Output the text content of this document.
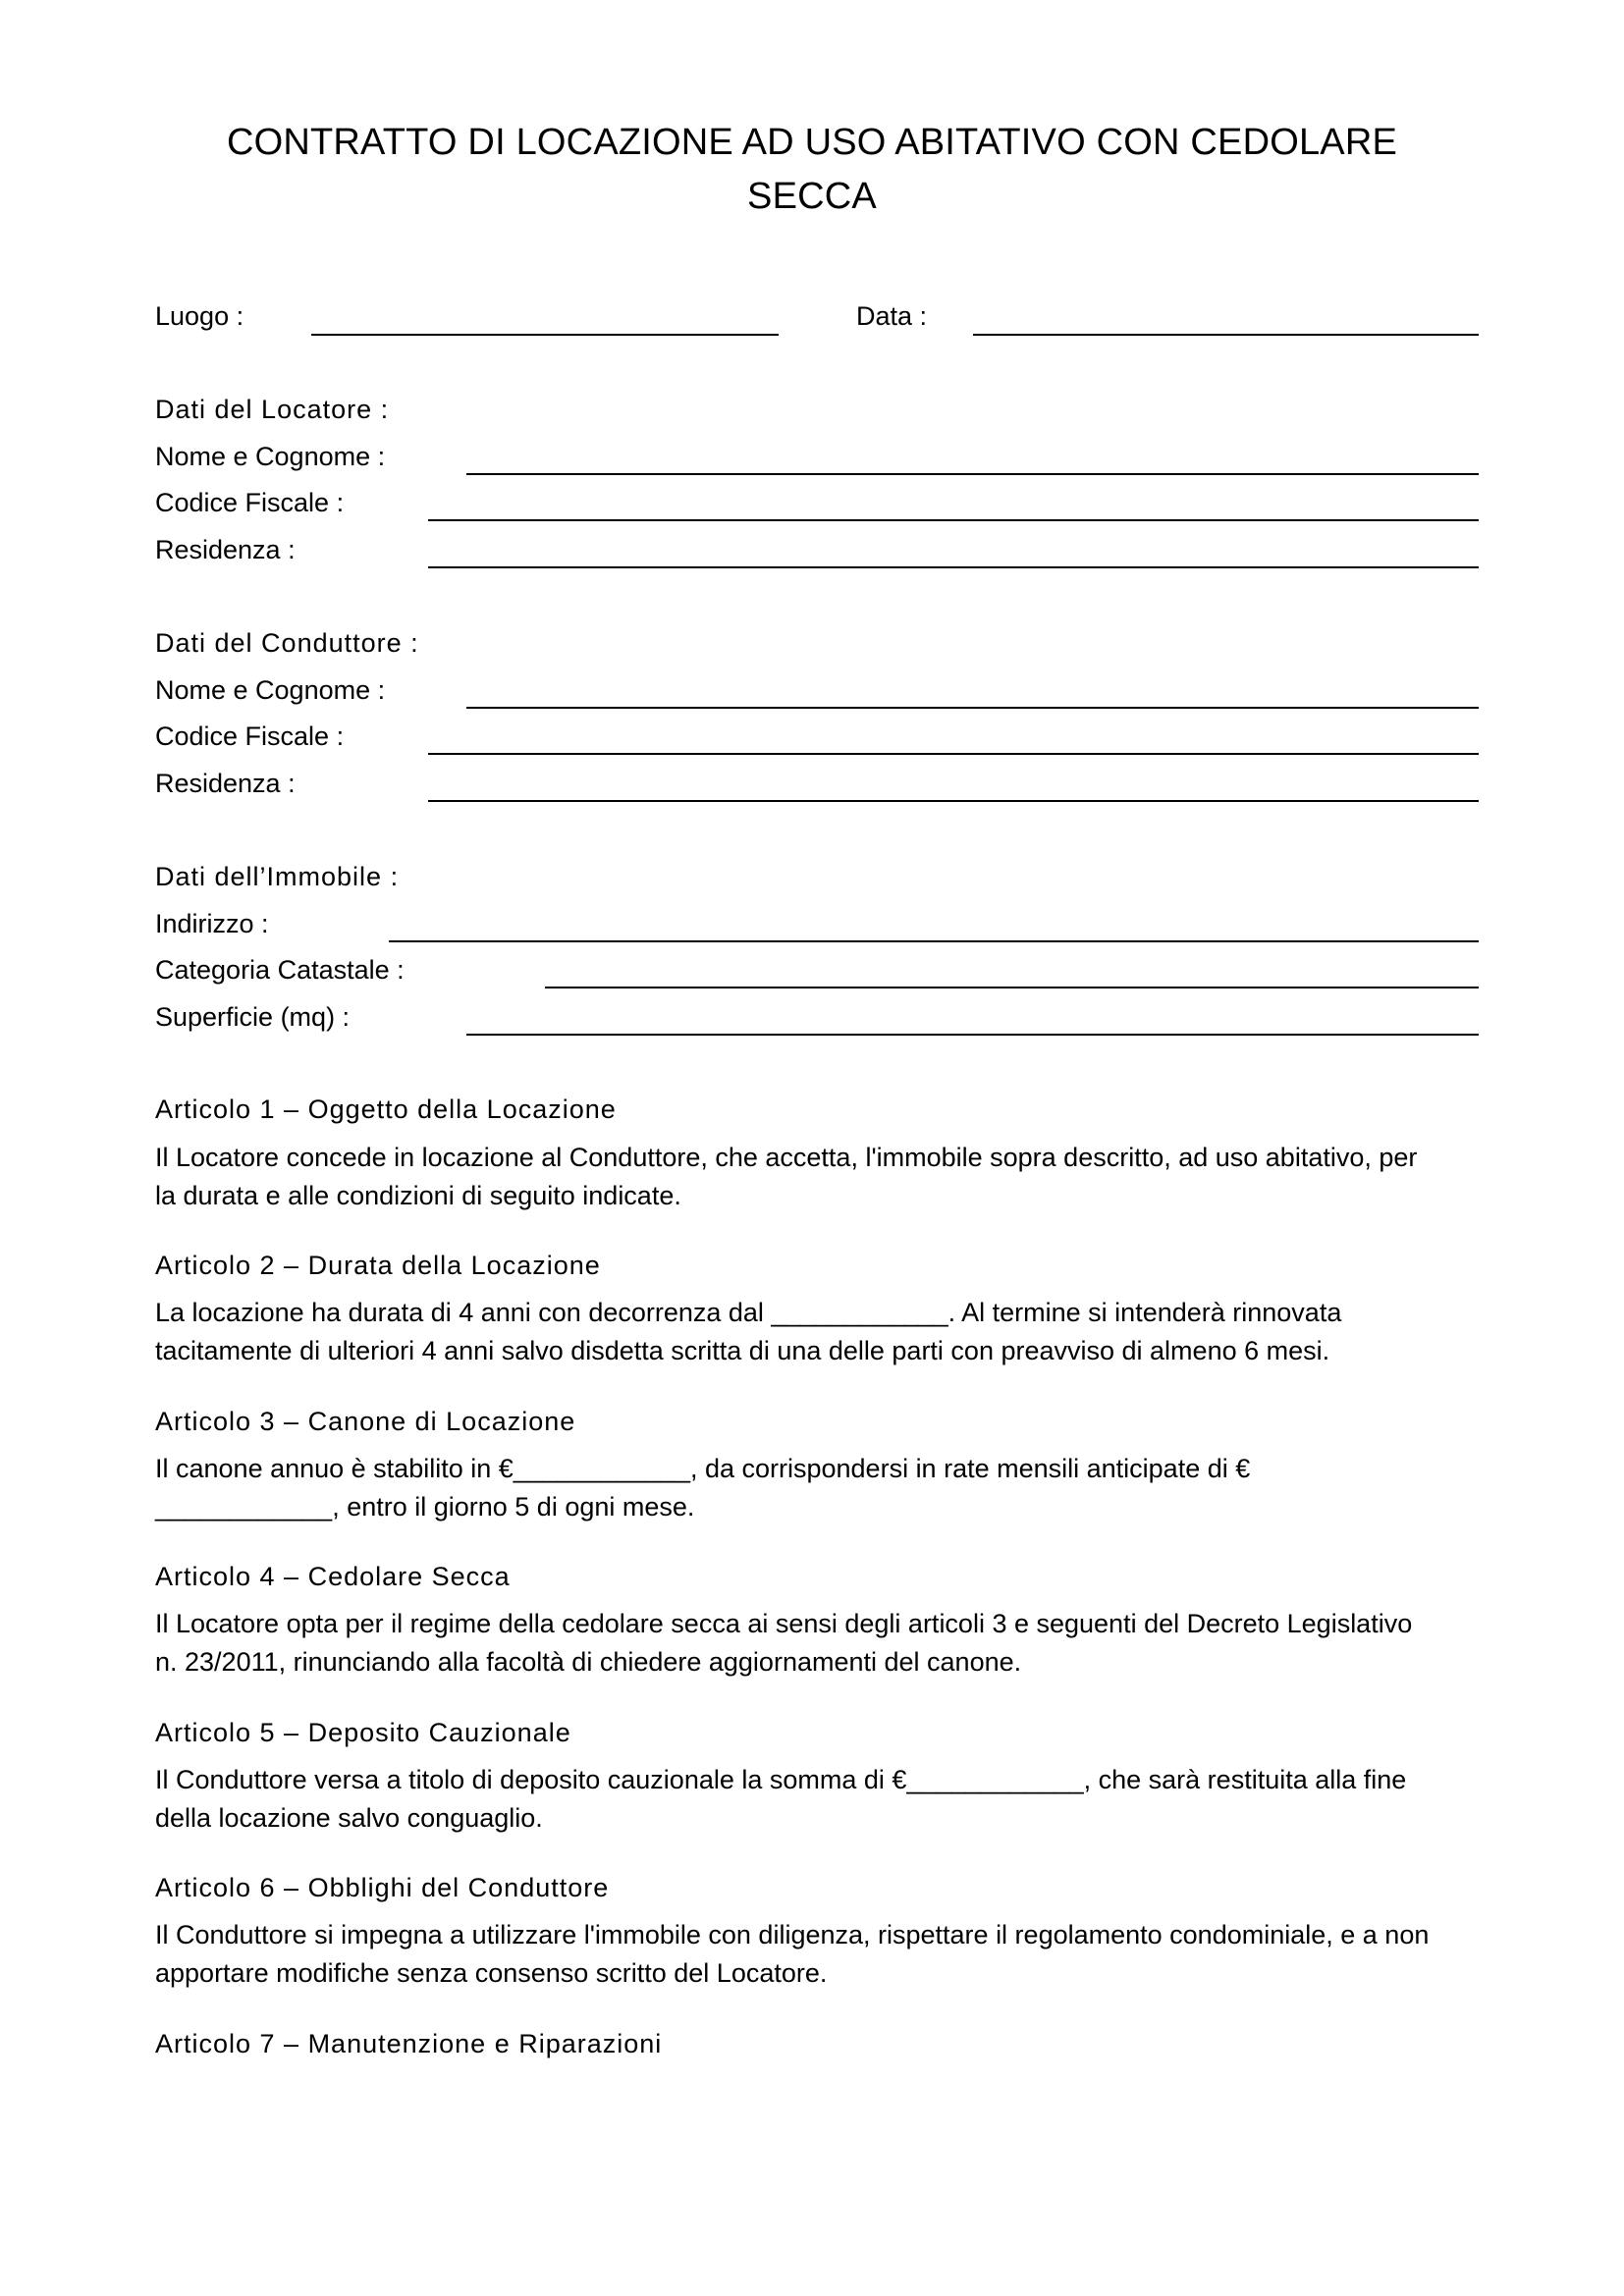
CONTRATTO DI LOCAZIONE AD USO ABITATIVO CON CEDOLARE
SECCA
Luogo :	Data :
Dati del Locatore :
Nome e Cognome :
Codice Fiscale :
Residenza :
Dati del Conduttore :
Nome e Cognome :
Codice Fiscale :
Residenza :
Dati dell’Immobile :
Indirizzo :
Categoria Catastale :
Superficie (mq) :
Articolo 1 – Oggetto della Locazione
Il Locatore concede in locazione al Conduttore, che accetta, l'immobile sopra descritto, ad uso abitativo, per
la durata e alle condizioni di seguito indicate.
Articolo 2 – Durata della Locazione
La locazione ha durata di 4 anni con decorrenza dal ____________. Al termine si intenderà rinnovata
tacitamente di ulteriori 4 anni salvo disdetta scritta di una delle parti con preavviso di almeno 6 mesi.
Articolo 3 – Canone di Locazione
Il canone annuo è stabilito in €____________, da corrispondersi in rate mensili anticipate di €
____________, entro il giorno 5 di ogni mese.
Articolo 4 – Cedolare Secca
Il Locatore opta per il regime della cedolare secca ai sensi degli articoli 3 e seguenti del Decreto Legislativo
n. 23/2011, rinunciando alla facoltà di chiedere aggiornamenti del canone.
Articolo 5 – Deposito Cauzionale
Il Conduttore versa a titolo di deposito cauzionale la somma di €____________, che sarà restituita alla fine
della locazione salvo conguaglio.
Articolo 6 – Obblighi del Conduttore
Il Conduttore si impegna a utilizzare l'immobile con diligenza, rispettare il regolamento condominiale, e a non
apportare modifiche senza consenso scritto del Locatore.
Articolo 7 – Manutenzione e Riparazioni
